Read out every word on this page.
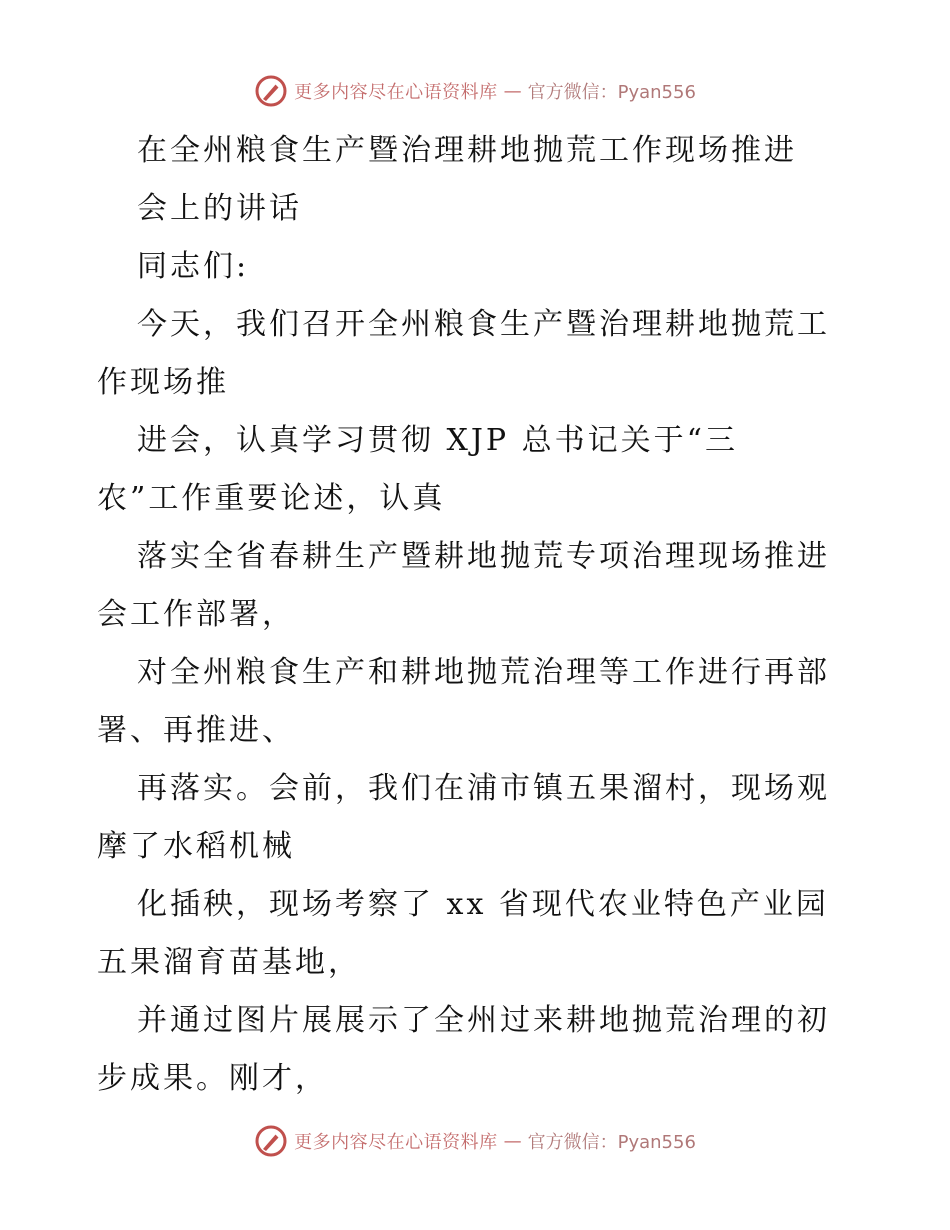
更多内容尽在心语资料库 — 官方微信：Pyan556
在全州粮食生产暨治理耕地抛荒工作现场推进
会上的讲话
同志们:
今天，我们召开全州粮食生产暨治理耕地抛荒工
作现场推
进会，认真学习贯彻 XJP 总书记关于“三
农”工作重要论述，认真
落实全省春耕生产暨耕地抛荒专项治理现场推进
会工作部署，
对全州粮食生产和耕地抛荒治理等工作进行再部
署、再推进、
再落实。会前，我们在浦市镇五果溜村，现场观
摩了水稻机械
化插秧，现场考察了 xx 省现代农业特色产业园
五果溜育苗基地，
并通过图片展展示了全州过来耕地抛荒治理的初
步成果。刚才，
更多内容尽在心语资料库 — 官方微信：Pyan556
